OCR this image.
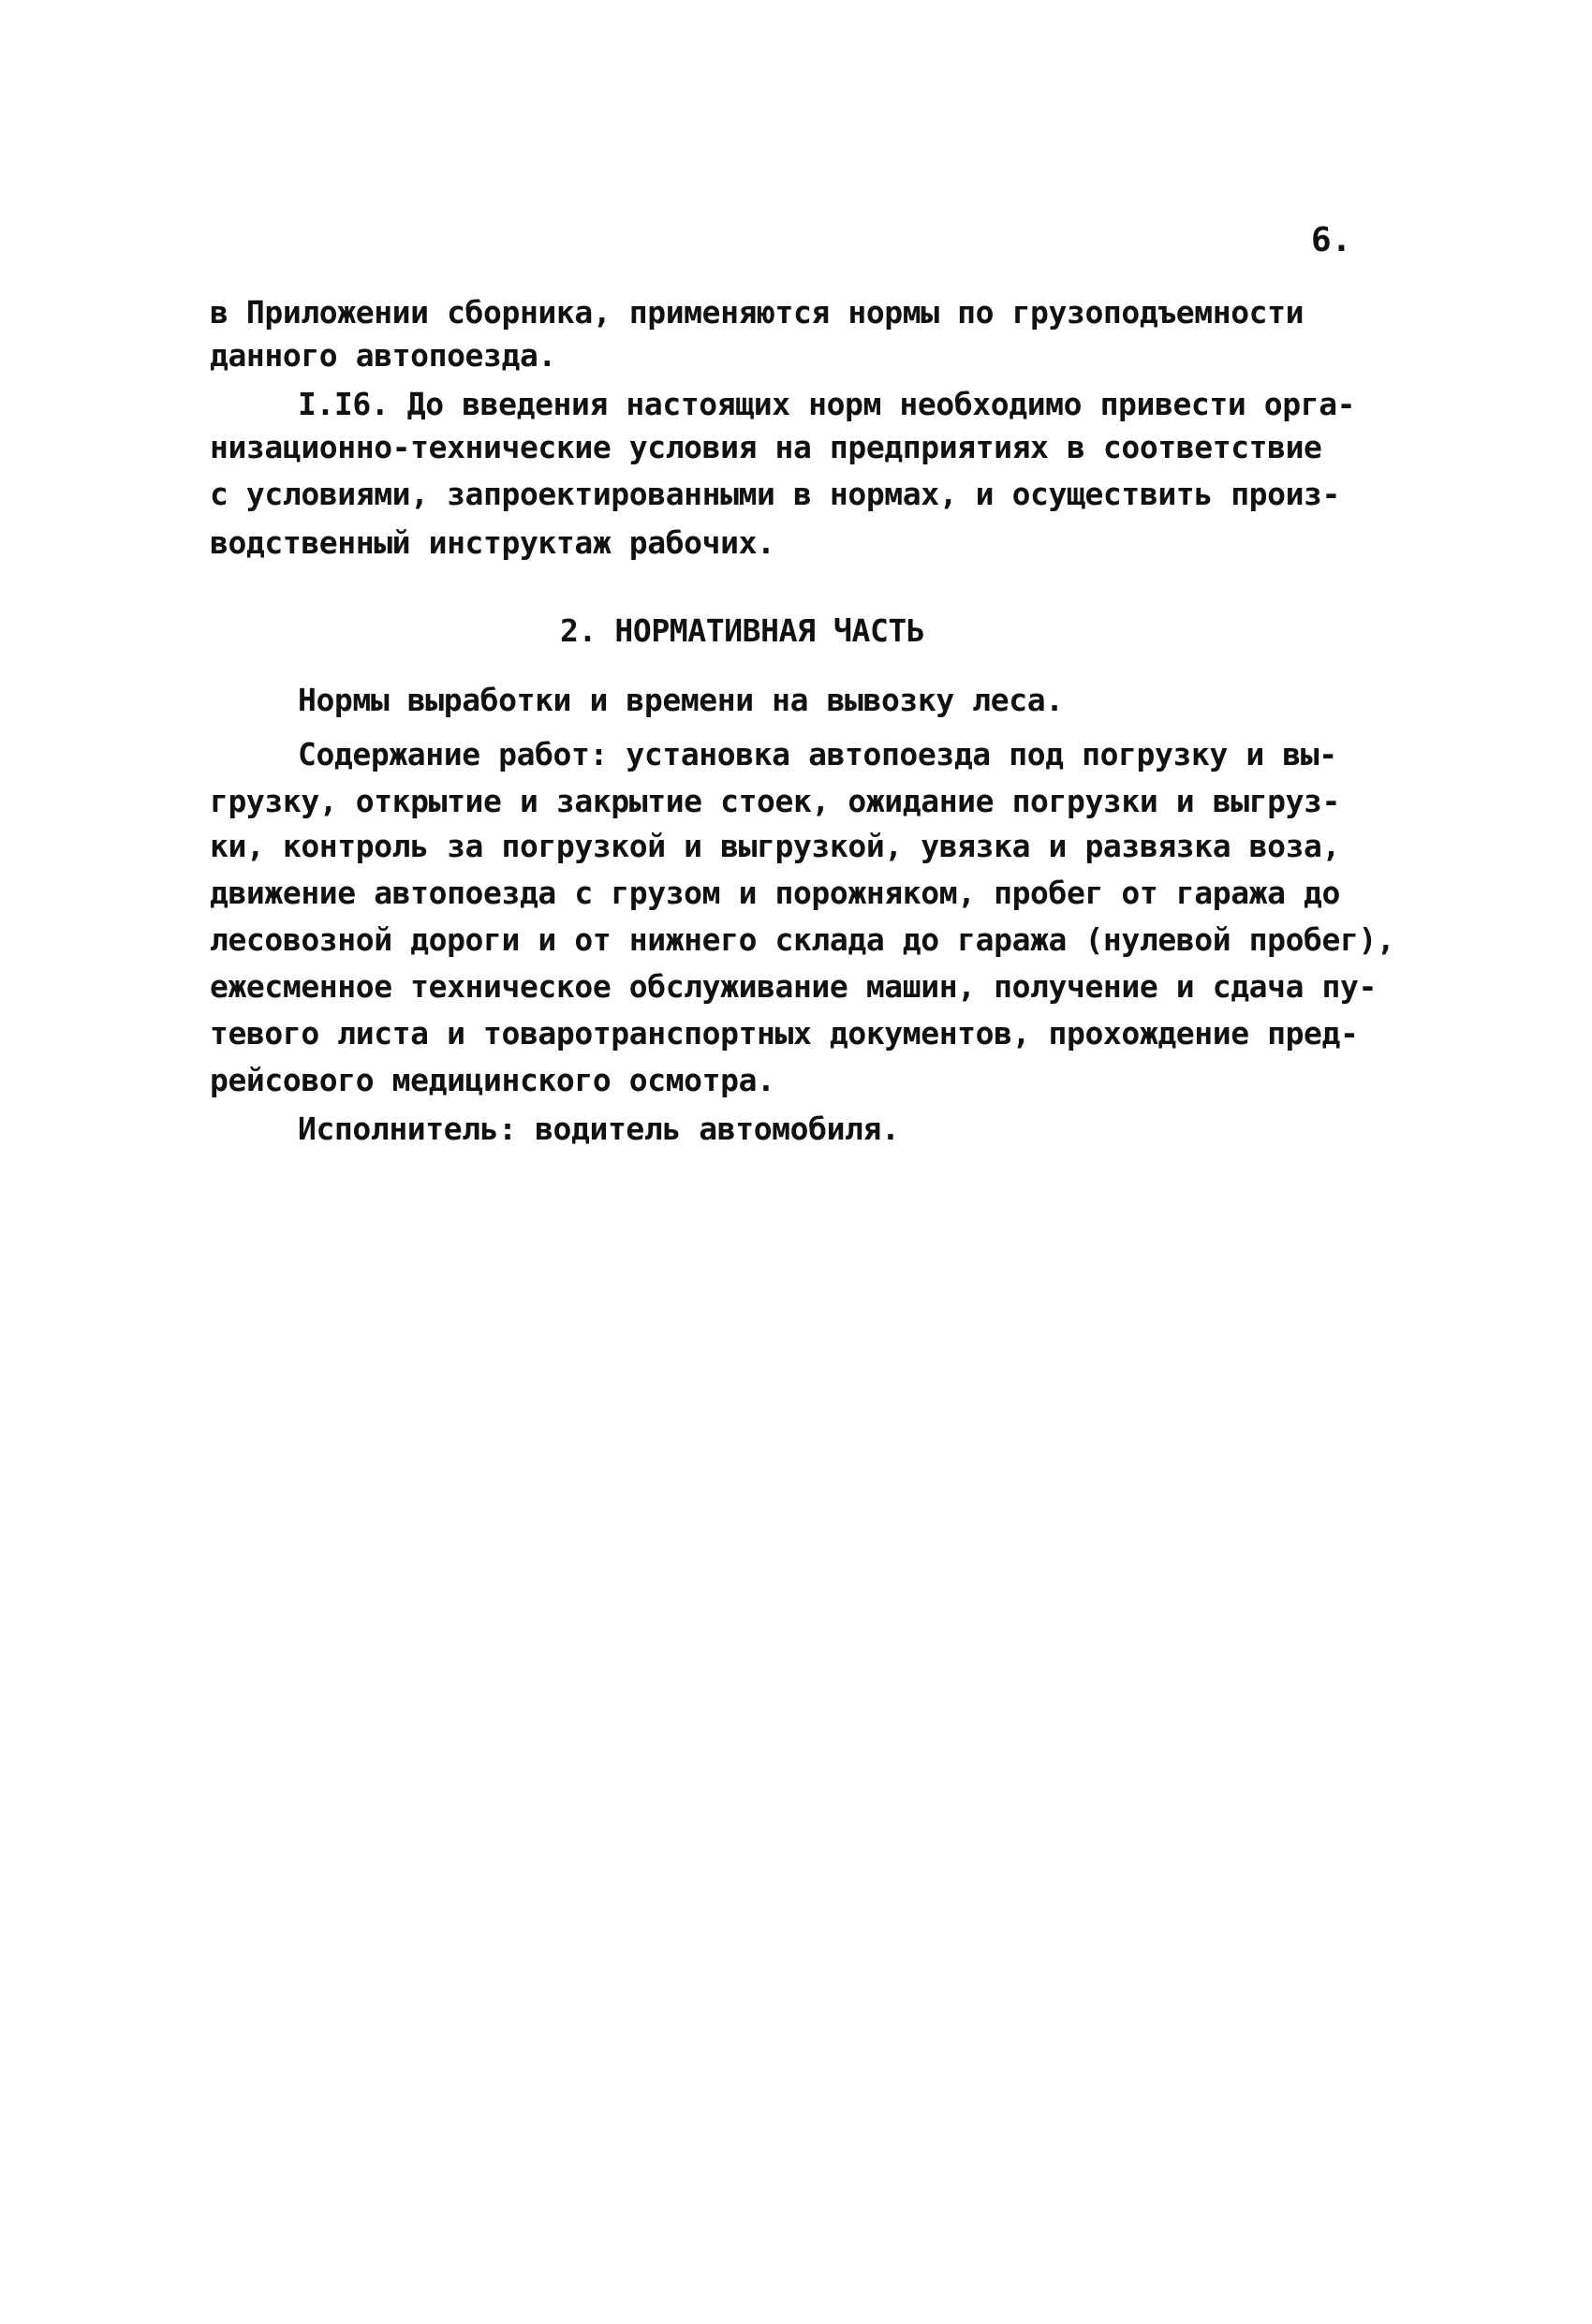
6.
в Приложении сборника, применяются нормы по грузоподъемности
данного автопоезда.
I.I6. До введения настоящих норм необходимо привести орга-
низационно-технические условия на предприятиях в соответствие
с условиями, запроектированными в нормах, и осуществить произ-
водственный инструктаж рабочих.
2. НОРМАТИВНАЯ ЧАСТЬ
Нормы выработки и времени на вывозку леса.
Содержание работ: установка автопоезда под погрузку и вы-
грузку, открытие и закрытие стоек, ожидание погрузки и выгруз-
ки, контроль за погрузкой и выгрузкой, увязка и развязка воза,
движение автопоезда с грузом и порожняком, пробег от гаража до
лесовозной дороги и от нижнего склада до гаража (нулевой пробег),
ежесменное техническое обслуживание машин, получение и сдача пу-
тевого листа и товаротранспортных документов, прохождение пред-
рейсового медицинского осмотра.
Исполнитель: водитель автомобиля.
